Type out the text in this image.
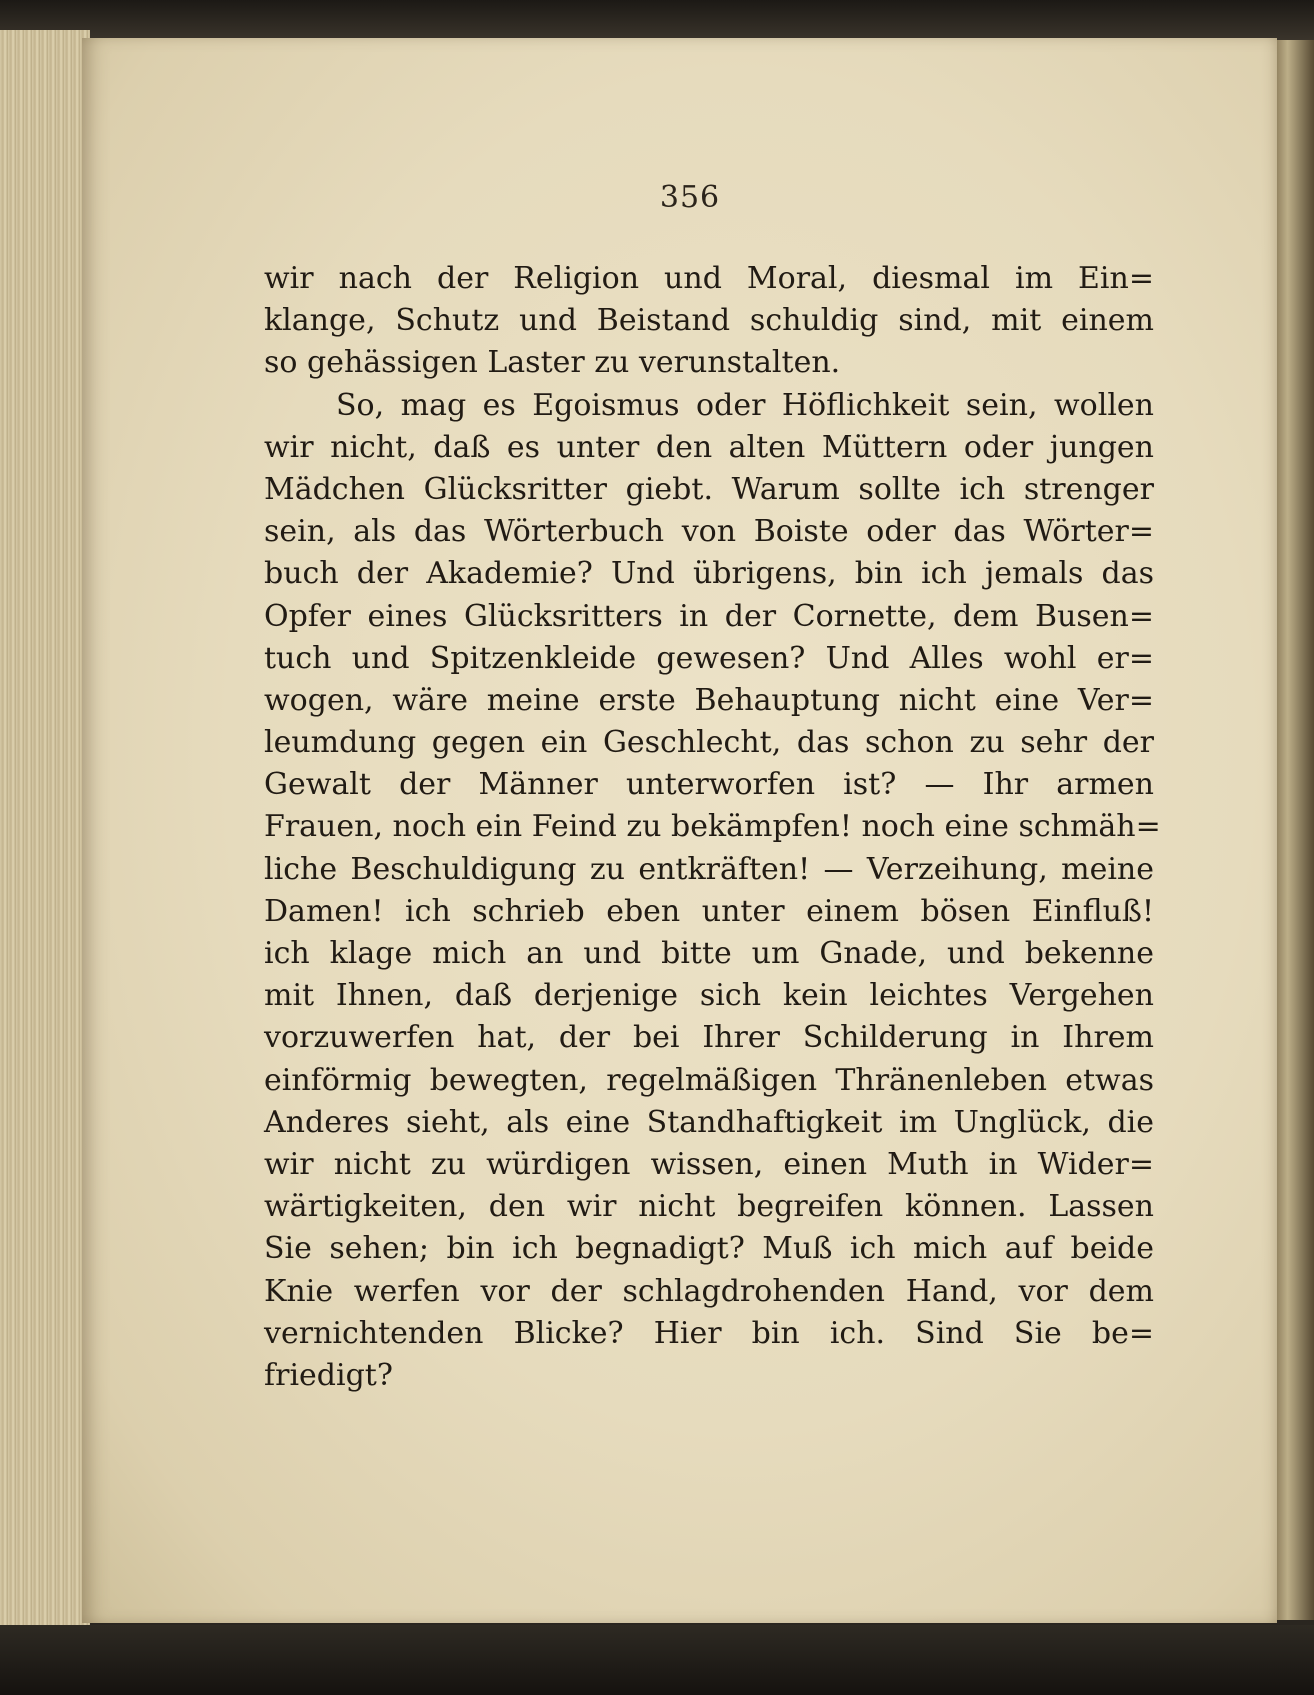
356
wir nach der Religion und Moral, diesmal im Ein=
klange, Schutz und Beistand schuldig sind, mit einem
so gehässigen Laster zu verunstalten.
So, mag es Egoismus oder Höflichkeit sein, wollen
wir nicht, daß es unter den alten Müttern oder jungen
Mädchen Glücksritter giebt. Warum sollte ich strenger
sein, als das Wörterbuch von Boiste oder das Wörter=
buch der Akademie? Und übrigens, bin ich jemals das
Opfer eines Glücksritters in der Cornette, dem Busen=
tuch und Spitzenkleide gewesen? Und Alles wohl er=
wogen, wäre meine erste Behauptung nicht eine Ver=
leumdung gegen ein Geschlecht, das schon zu sehr der
Gewalt der Männer unterworfen ist? — Ihr armen
Frauen, noch ein Feind zu bekämpfen! noch eine schmäh=
liche Beschuldigung zu entkräften! — Verzeihung, meine
Damen! ich schrieb eben unter einem bösen Einfluß!
ich klage mich an und bitte um Gnade, und bekenne
mit Ihnen, daß derjenige sich kein leichtes Vergehen
vorzuwerfen hat, der bei Ihrer Schilderung in Ihrem
einförmig bewegten, regelmäßigen Thränenleben etwas
Anderes sieht, als eine Standhaftigkeit im Unglück, die
wir nicht zu würdigen wissen, einen Muth in Wider=
wärtigkeiten, den wir nicht begreifen können. Lassen
Sie sehen; bin ich begnadigt? Muß ich mich auf beide
Knie werfen vor der schlagdrohenden Hand, vor dem
vernichtenden Blicke? Hier bin ich. Sind Sie be=
friedigt?
